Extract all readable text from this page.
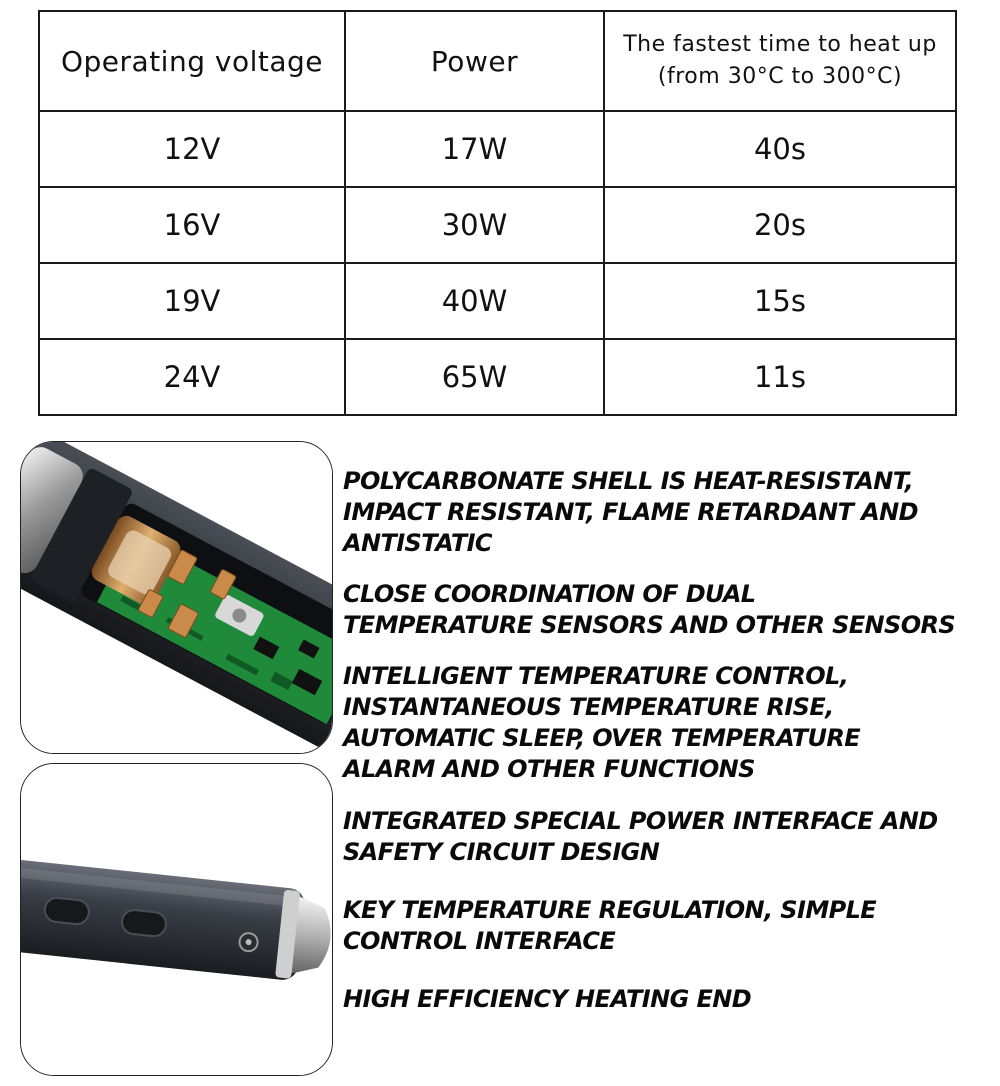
Operating voltage	Power	The fastest time to heat up
(from 30°C to 300°C)

12V	17W	40s
16V	30W	20s
19V	40W	15s
24V	65W	11s
POLYCARBONATE SHELL IS HEAT-RESISTANT,
IMPACT RESISTANT, FLAME RETARDANT AND
ANTISTATIC
CLOSE COORDINATION OF DUAL
TEMPERATURE SENSORS AND OTHER SENSORS
INTELLIGENT TEMPERATURE CONTROL,
INSTANTANEOUS TEMPERATURE RISE,
AUTOMATIC SLEEP, OVER TEMPERATURE
ALARM AND OTHER FUNCTIONS
INTEGRATED SPECIAL POWER INTERFACE AND
SAFETY CIRCUIT DESIGN
KEY TEMPERATURE REGULATION, SIMPLE
CONTROL INTERFACE
HIGH EFFICIENCY HEATING END
